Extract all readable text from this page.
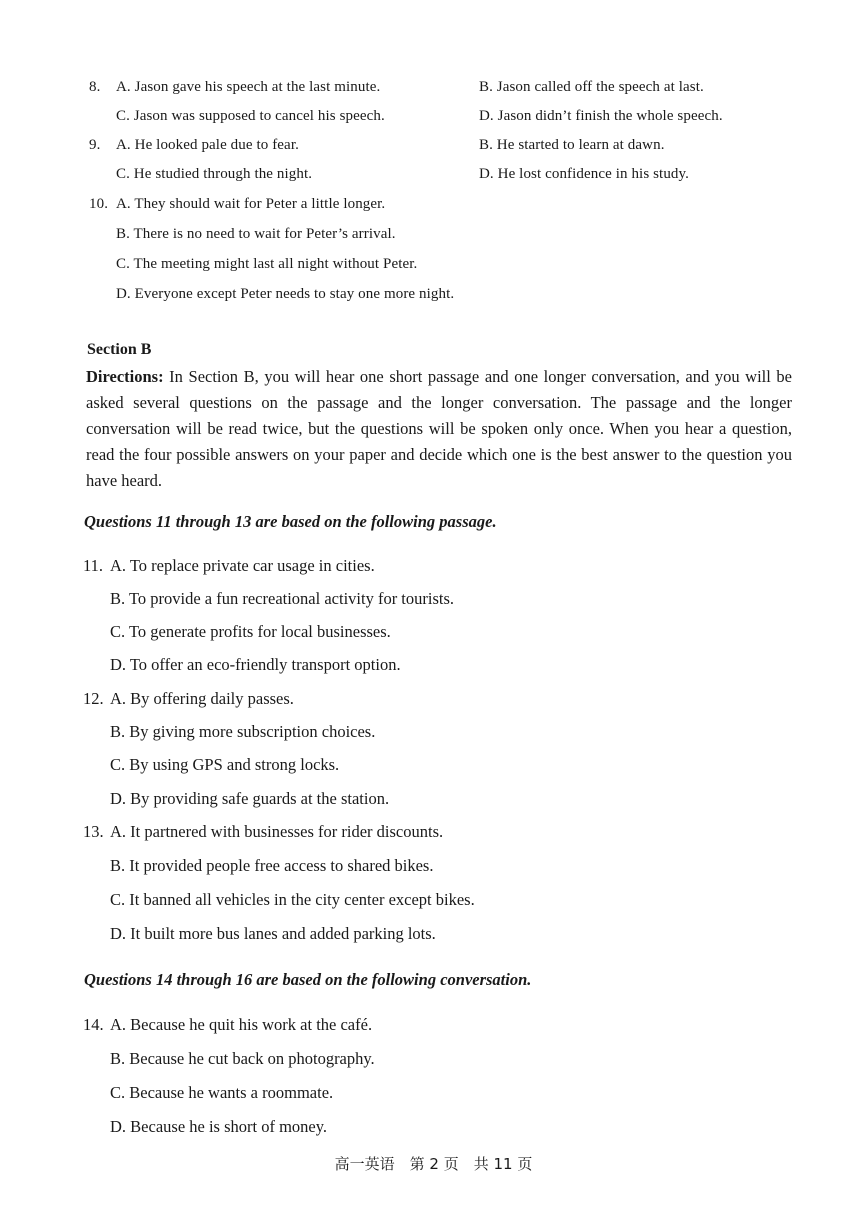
8. A. Jason gave his speech at the last minute.	B. Jason called off the speech at last.
C. Jason was supposed to cancel his speech.	D. Jason didn’t finish the whole speech.
9. A. He looked pale due to fear.	B. He started to learn at dawn.
C. He studied through the night.	D. He lost confidence in his study.
10. A. They should wait for Peter a little longer.
B. There is no need to wait for Peter’s arrival.
C. The meeting might last all night without Peter.
D. Everyone except Peter needs to stay one more night.
Section B
Directions: In Section B, you will hear one short passage and one longer conversation, and you will be asked several questions on the passage and the longer conversation. The passage and the longer conversation will be read twice, but the questions will be spoken only once. When you hear a question, read the four possible answers on your paper and decide which one is the best answer to the question you have heard.
Questions 11 through 13 are based on the following passage.
11. A. To replace private car usage in cities.
B. To provide a fun recreational activity for tourists.
C. To generate profits for local businesses.
D. To offer an eco-friendly transport option.
12. A. By offering daily passes.
B. By giving more subscription choices.
C. By using GPS and strong locks.
D. By providing safe guards at the station.
13. A. It partnered with businesses for rider discounts.
B. It provided people free access to shared bikes.
C. It banned all vehicles in the city center except bikes.
D. It built more bus lanes and added parking lots.
Questions 14 through 16 are based on the following conversation.
14. A. Because he quit his work at the café.
B. Because he cut back on photography.
C. Because he wants a roommate.
D. Because he is short of money.
高一英语　第 2 页　共 11 页
